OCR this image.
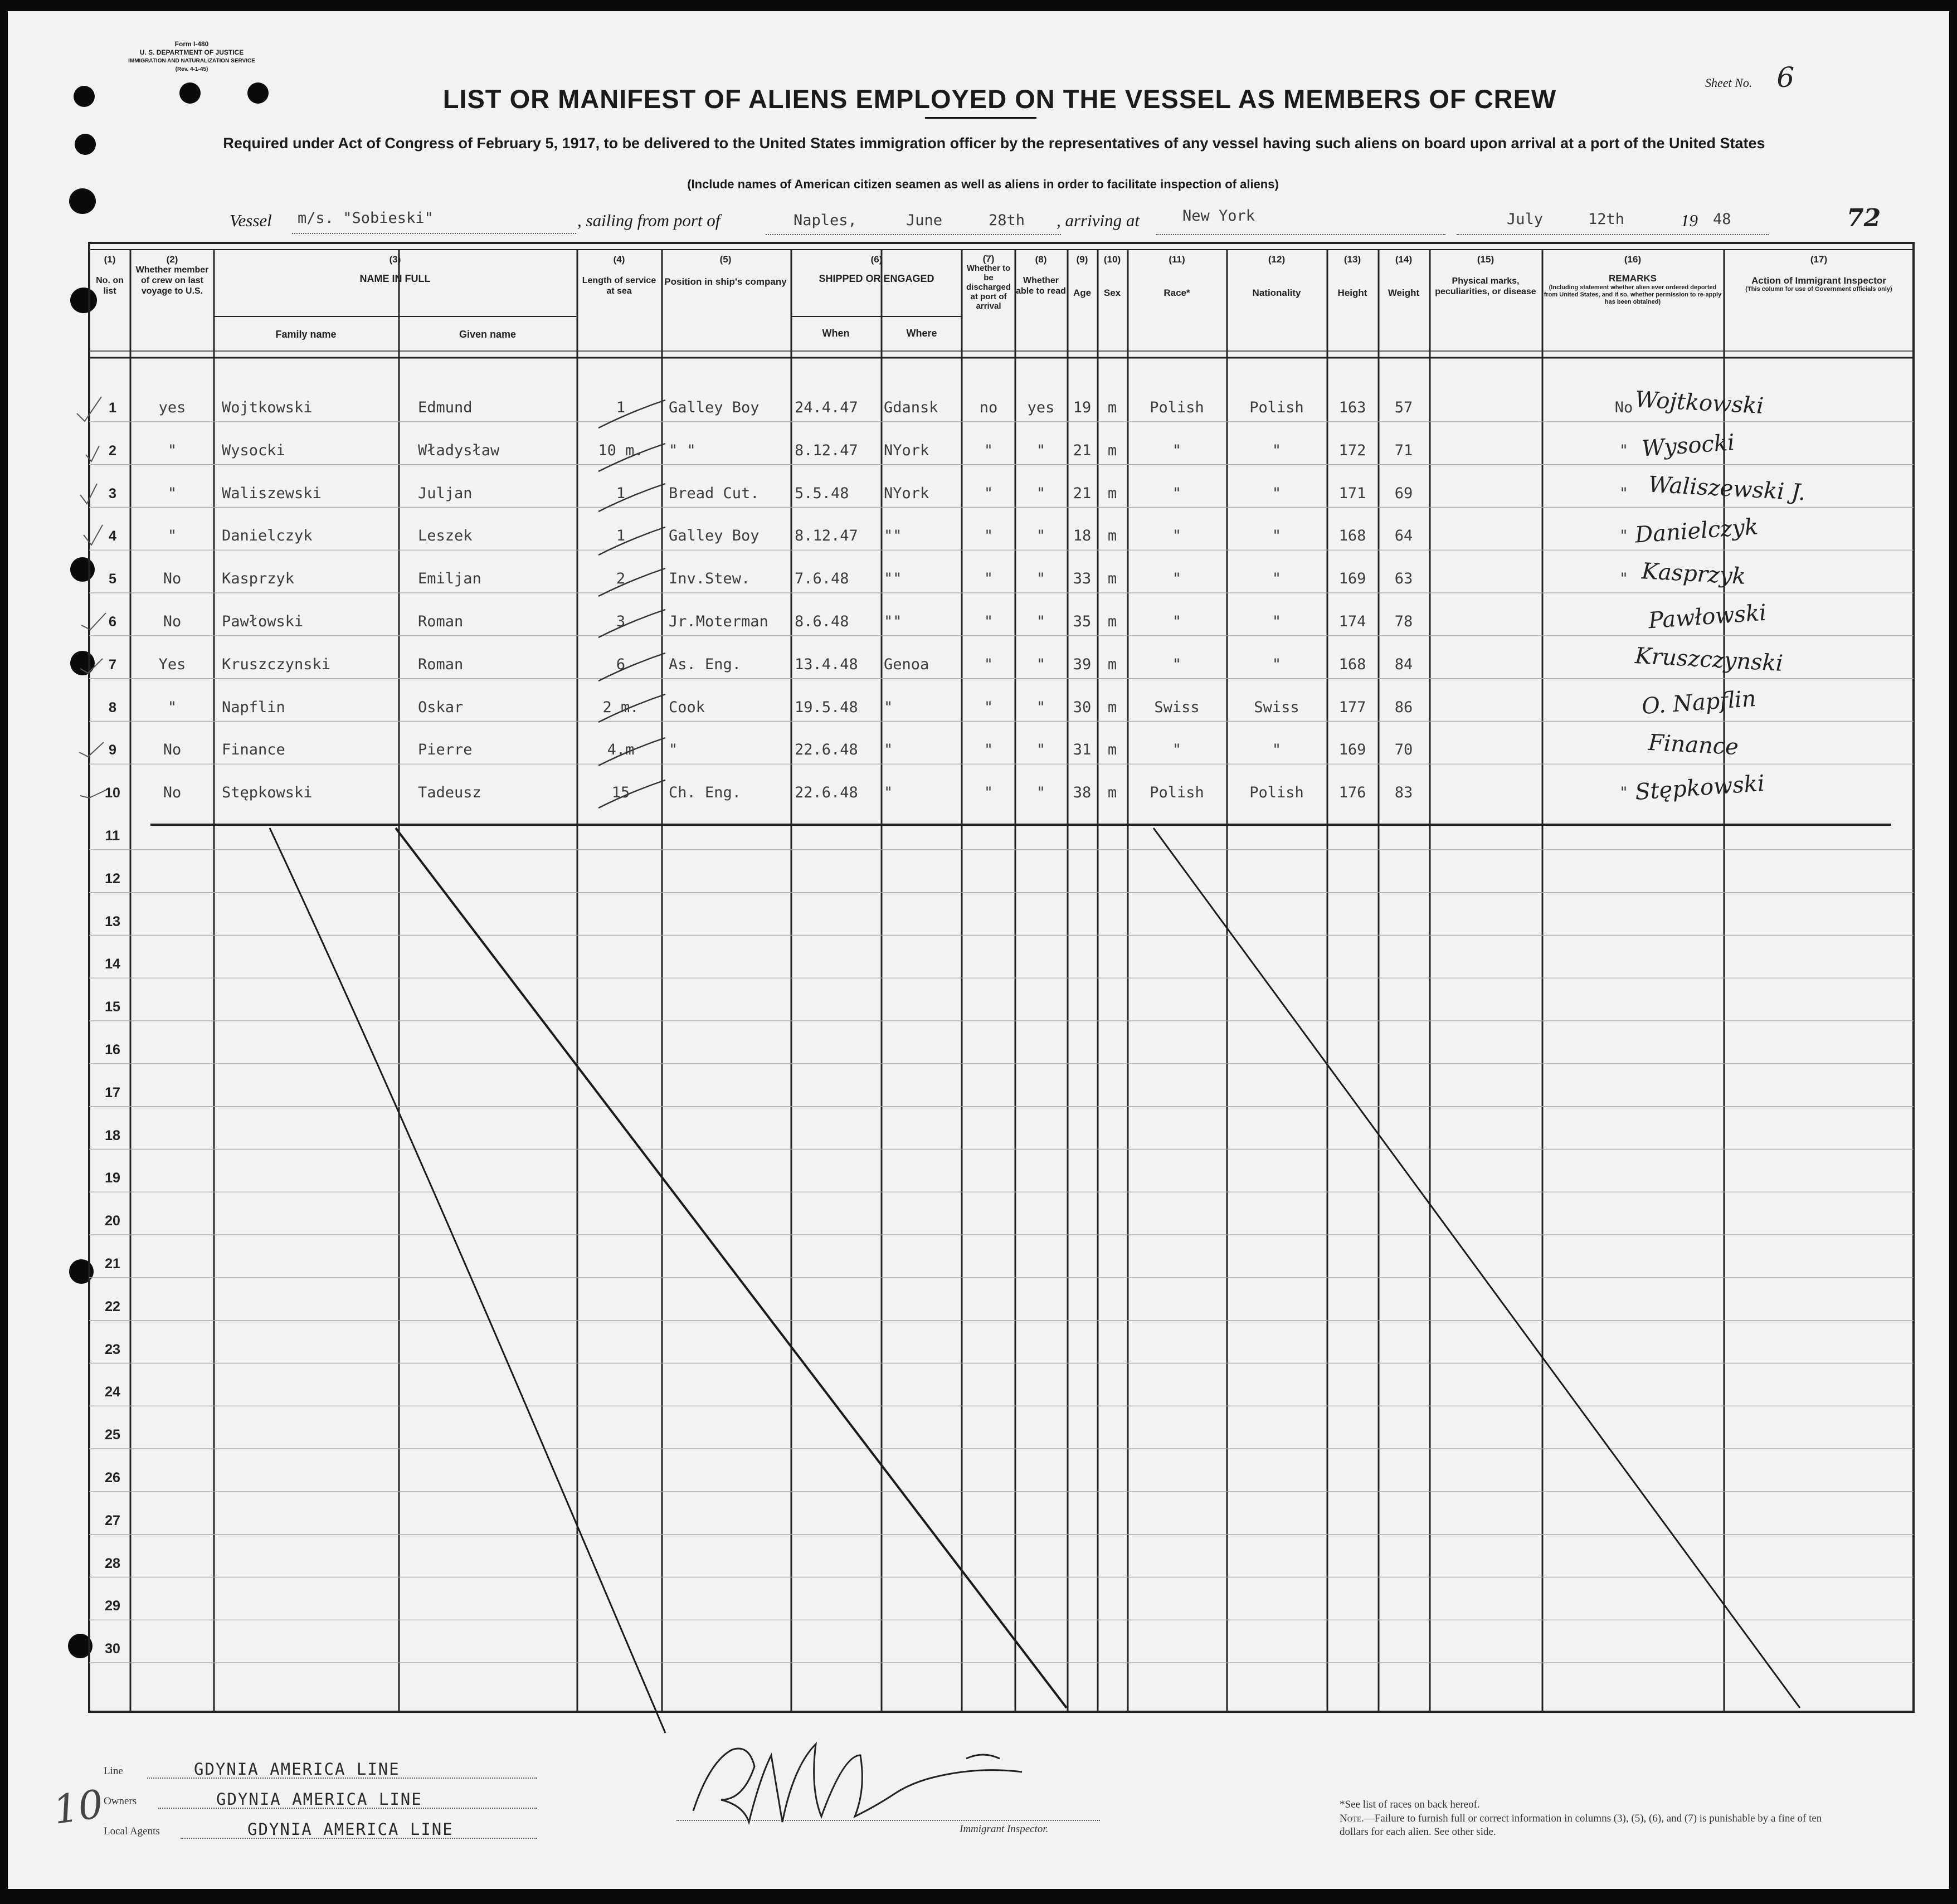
Form I-480
U. S. DEPARTMENT OF JUSTICE
IMMIGRATION AND NATURALIZATION SERVICE
(Rev. 4-1-45)
Sheet No. 6
LIST OR MANIFEST OF ALIENS EMPLOYED ON THE VESSEL AS MEMBERS OF CREW
Required under Act of Congress of February 5, 1917, to be delivered to the United States immigration officer by the representatives of any vessel having such aliens on board upon arrival at a port of the United States
(Include names of American citizen seamen as well as aliens in order to facilitate inspection of aliens)
Vessel m/s. "Sobieski"	, sailing from port of	Naples,	June	28th , arriving at	New York	July	12th	19 48	72
(1)

No. on list
(2)
Whether member of crew on last voyage to U.S.
(3)
NAME IN FULL
Family name	Given name
(4)

Length of service at sea
(5)

Position in ship's company
(6)
SHIPPED OR ENGAGED
When	Where
(7)
Whether to be discharged at port of arrival
(8)

Whether able to read
(9)
Age
(10)
Sex
(11)
Race*
(12)
Nationality
(13)
Height
(14)
Weight
(15)
Physical marks, peculiarities, or disease
(16)
REMARKS
(Including statement whether alien ever ordered deported from United States, and if so, whether permission to re-apply has been obtained)
(17)
Action of Immigrant Inspector
(This column for use of Government officials only)
1	yes	Wojtkowski	Edmund	1	Galley Boy	24.4.47	Gdansk	no	yes	19	m	Polish	Polish	163	57	No Wojtkowski
2	"	Wysocki	Władysław	10 m.	" "	8.12.47	NYork	"	"	21	m	"	"	172	71	" Wysocki
3	"	Waliszewski	Juljan	1	Bread Cut.	5.5.48	NYork	"	"	21	m	"	"	171	69	" Waliszewski J.
4	"	Danielczyk	Leszek	1	Galley Boy	8.12.47	""	"	"	18	m	"	"	168	64	" Danielczyk
5	No	Kasprzyk	Emiljan	2	Inv.Stew.	7.6.48	""	"	"	33	m	"	"	169	63	" Kasprzyk
6	No	Pawłowski	Roman	3	Jr.Moterman	8.6.48	""	"	"	35	m	"	"	174	78	Pawłowski
7	Yes	Kruszczynski	Roman	6	As. Eng.	13.4.48	Genoa	"	"	39	m	"	"	168	84	Kruszczynski
8	"	Napflin	Oskar	2 m.	Cook	19.5.48	"	"	"	30	m	Swiss	Swiss	177	86	O. Napflin
9	No	Finance	Pierre	4.m	"	22.6.48	"	"	"	31	m	"	"	169	70	Finance
10	No	Stępkowski	Tadeusz	15	Ch. Eng.	22.6.48	"	"	"	38	m	Polish	Polish	176	83	" Stępkowski
11
12
13
14
15
16
17
18
19
20
21
22
23
24
25
26
27
28
29
30
Line	GDYNIA AMERICA LINE
Owners	GDYNIA AMERICA LINE
Local Agents	GDYNIA AMERICA LINE	Immigrant Inspector.
*See list of races on back hereof.
Note.—Failure to furnish full or correct information in columns (3), (5), (6), and (7) is punishable by a fine of ten dollars for each alien. See other side.
10
